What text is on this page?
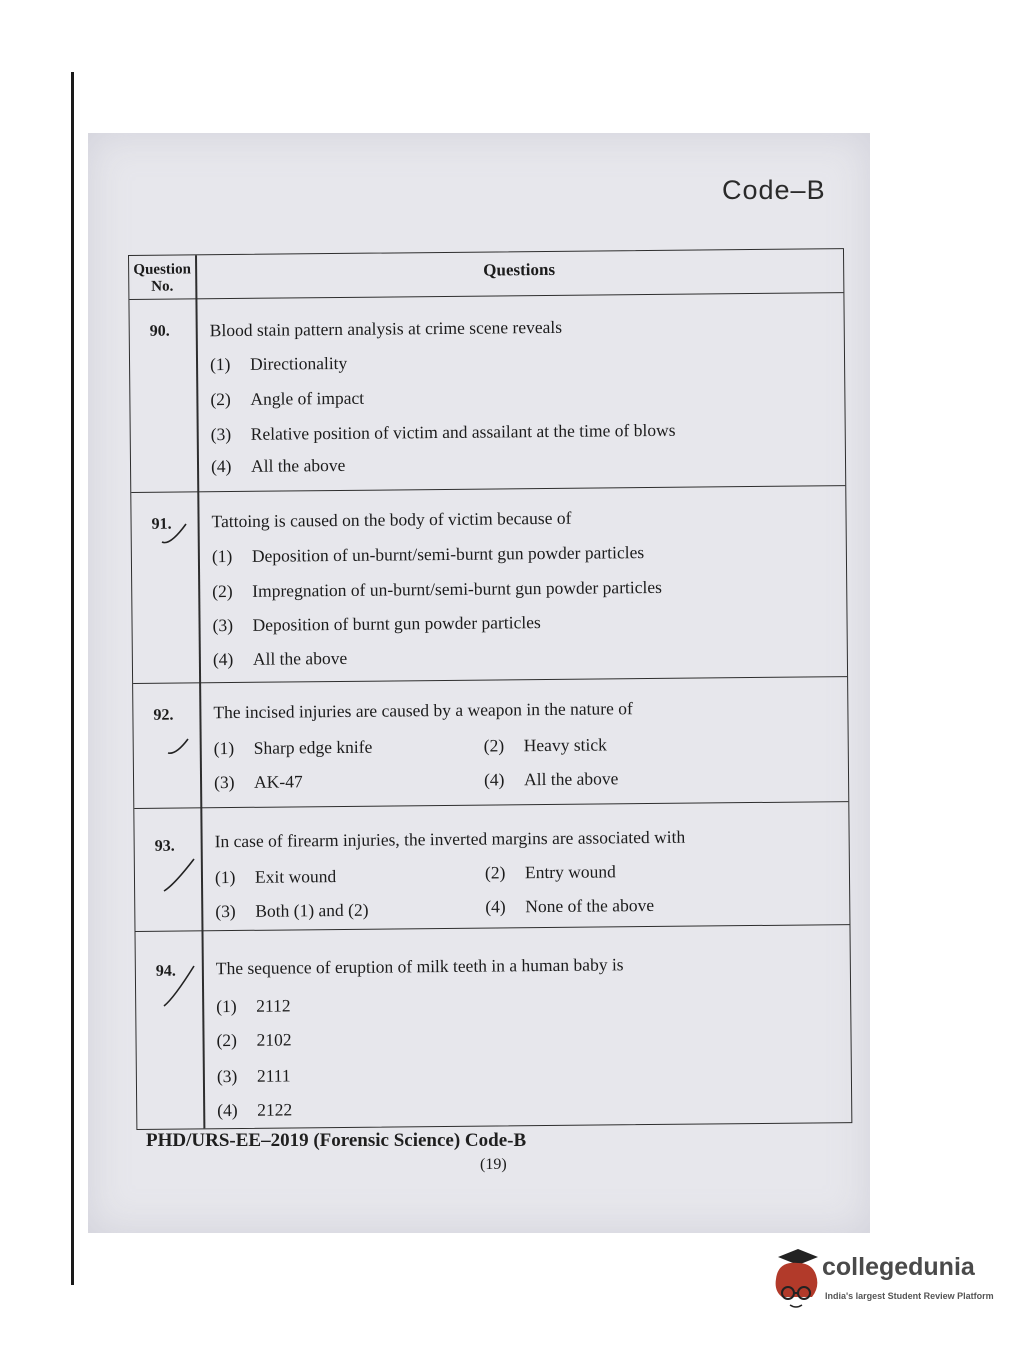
Code–B
Question No.
Questions
90. Blood stain pattern analysis at crime scene reveals
(1) Directionality
(2) Angle of impact
(3) Relative position of victim and assailant at the time of blows
(4) All the above
91. Tattoing is caused on the body of victim because of
(1) Deposition of un-burnt/semi-burnt gun powder particles
(2) Impregnation of un-burnt/semi-burnt gun powder particles
(3) Deposition of burnt gun powder particles
(4) All the above
92. The incised injuries are caused by a weapon in the nature of
(1) Sharp edge knife	(2) Heavy stick
(3) AK-47	(4) All the above
93. In case of firearm injuries, the inverted margins are associated with
(1) Exit wound	(2) Entry wound
(3) Both (1) and (2)	(4) None of the above
94. The sequence of eruption of milk teeth in a human baby is
(1) 2112
(2) 2102
(3) 2111
(4) 2122
PHD/URS-EE–2019 (Forensic Science) Code-B
(19)
collegedunia
India's largest Student Review Platform
